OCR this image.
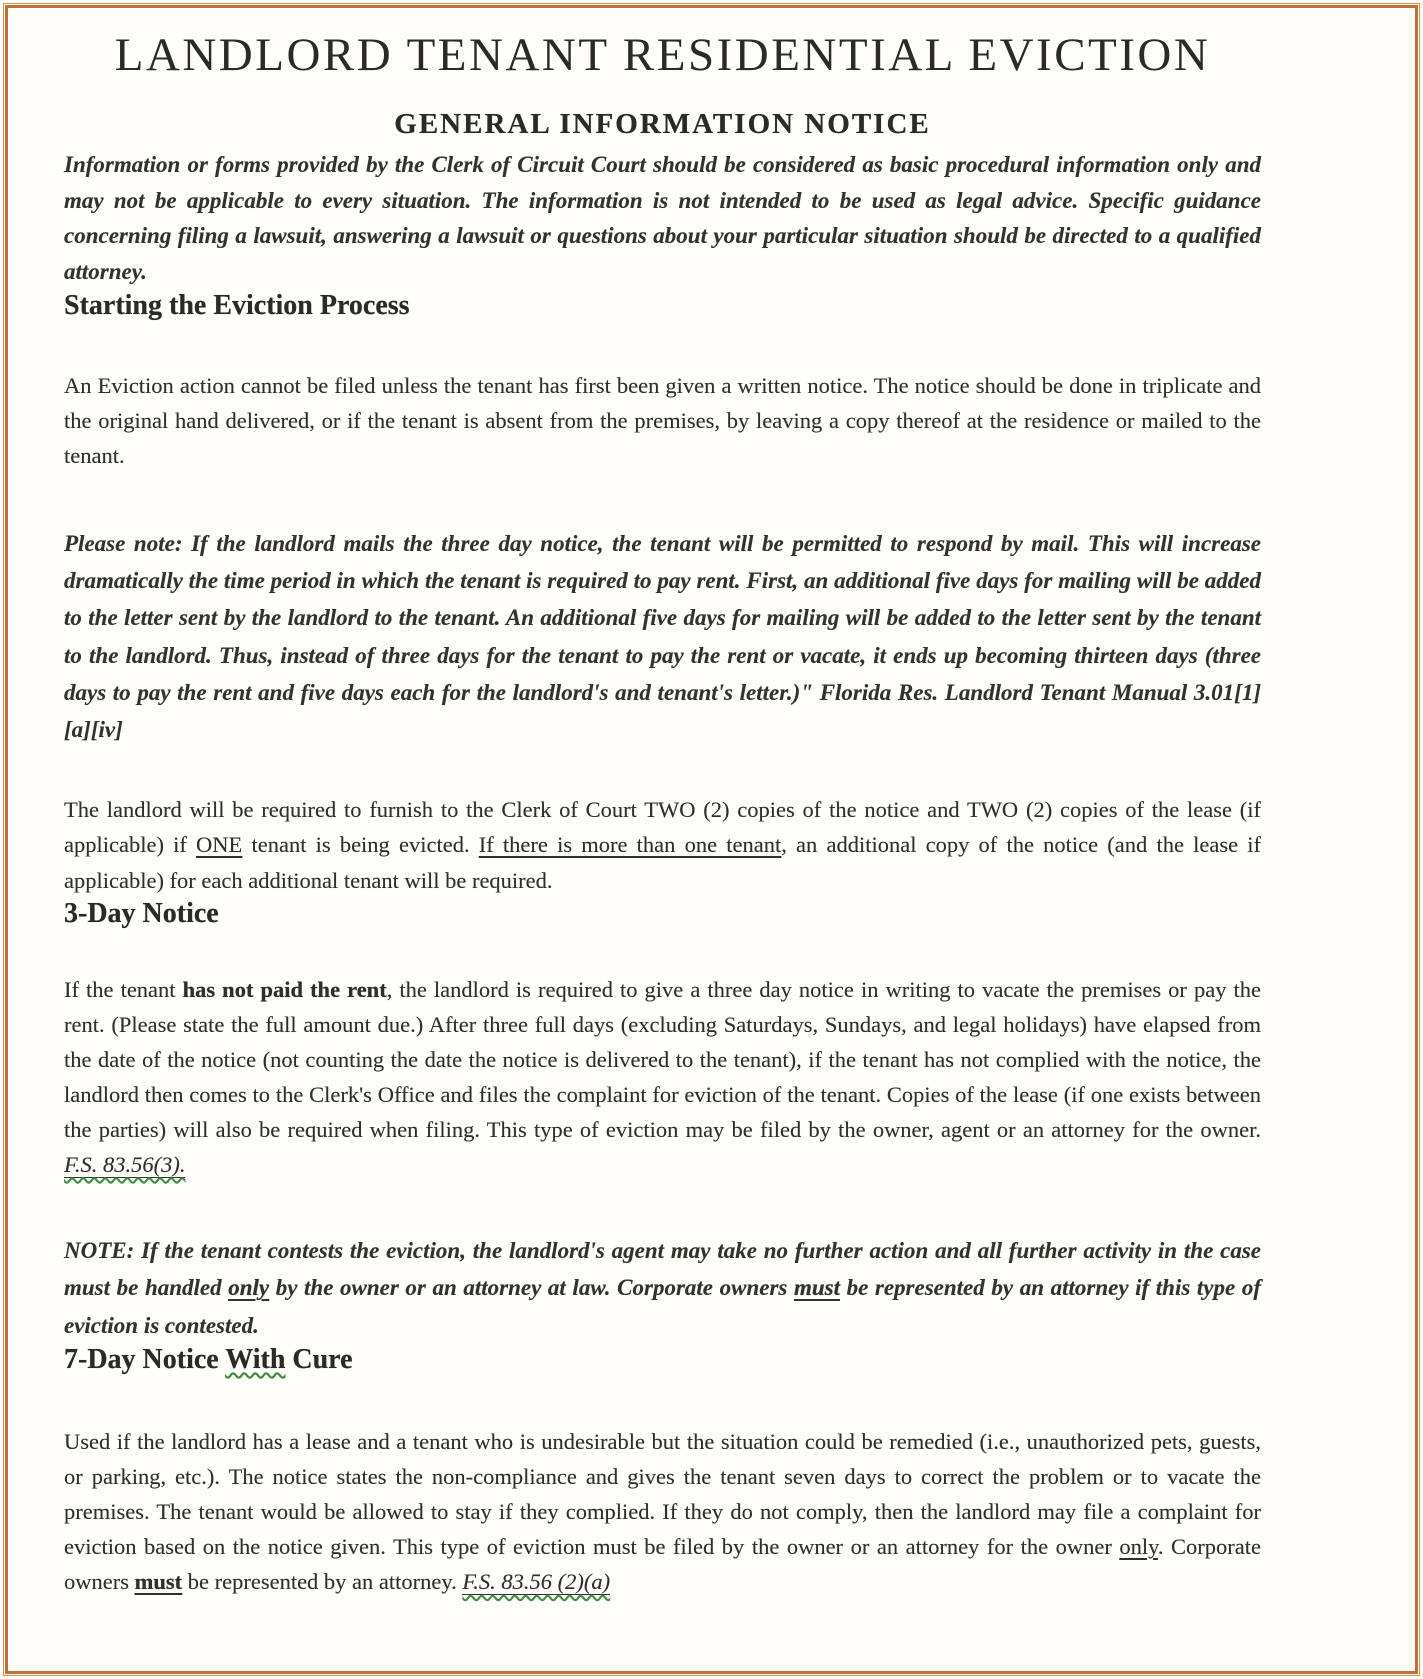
LANDLORD TENANT RESIDENTIAL EVICTION
GENERAL INFORMATION NOTICE

Information or forms provided by the Clerk of Circuit Court should be considered as basic procedural information only and may not be applicable to every situation. The information is not intended to be used as legal advice. Specific guidance concerning filing a lawsuit, answering a lawsuit or questions about your particular situation should be directed to a qualified attorney.

Starting the Eviction Process

An Eviction action cannot be filed unless the tenant has first been given a written notice. The notice should be done in triplicate and the original hand delivered, or if the tenant is absent from the premises, by leaving a copy thereof at the residence or mailed to the tenant.

Please note: If the landlord mails the three day notice, the tenant will be permitted to respond by mail. This will increase dramatically the time period in which the tenant is required to pay rent. First, an additional five days for mailing will be added to the letter sent by the landlord to the tenant. An additional five days for mailing will be added to the letter sent by the tenant to the landlord. Thus, instead of three days for the tenant to pay the rent or vacate, it ends up becoming thirteen days (three days to pay the rent and five days each for the landlord's and tenant's letter.)" Florida Res. Landlord Tenant Manual 3.01[1][a][iv]

The landlord will be required to furnish to the Clerk of Court TWO (2) copies of the notice and TWO (2) copies of the lease (if applicable) if ONE tenant is being evicted. If there is more than one tenant, an additional copy of the notice (and the lease if applicable) for each additional tenant will be required.

3-Day Notice

If the tenant has not paid the rent, the landlord is required to give a three day notice in writing to vacate the premises or pay the rent. (Please state the full amount due.) After three full days (excluding Saturdays, Sundays, and legal holidays) have elapsed from the date of the notice (not counting the date the notice is delivered to the tenant), if the tenant has not complied with the notice, the landlord then comes to the Clerk's Office and files the complaint for eviction of the tenant. Copies of the lease (if one exists between the parties) will also be required when filing. This type of eviction may be filed by the owner, agent or an attorney for the owner. F.S. 83.56(3).

NOTE: If the tenant contests the eviction, the landlord's agent may take no further action and all further activity in the case must be handled only by the owner or an attorney at law. Corporate owners must be represented by an attorney if this type of eviction is contested.

7-Day Notice With Cure

Used if the landlord has a lease and a tenant who is undesirable but the situation could be remedied (i.e., unauthorized pets, guests, or parking, etc.). The notice states the non-compliance and gives the tenant seven days to correct the problem or to vacate the premises. The tenant would be allowed to stay if they complied. If they do not comply, then the landlord may file a complaint for eviction based on the notice given. This type of eviction must be filed by the owner or an attorney for the owner only. Corporate owners must be represented by an attorney. F.S. 83.56 (2)(a)
